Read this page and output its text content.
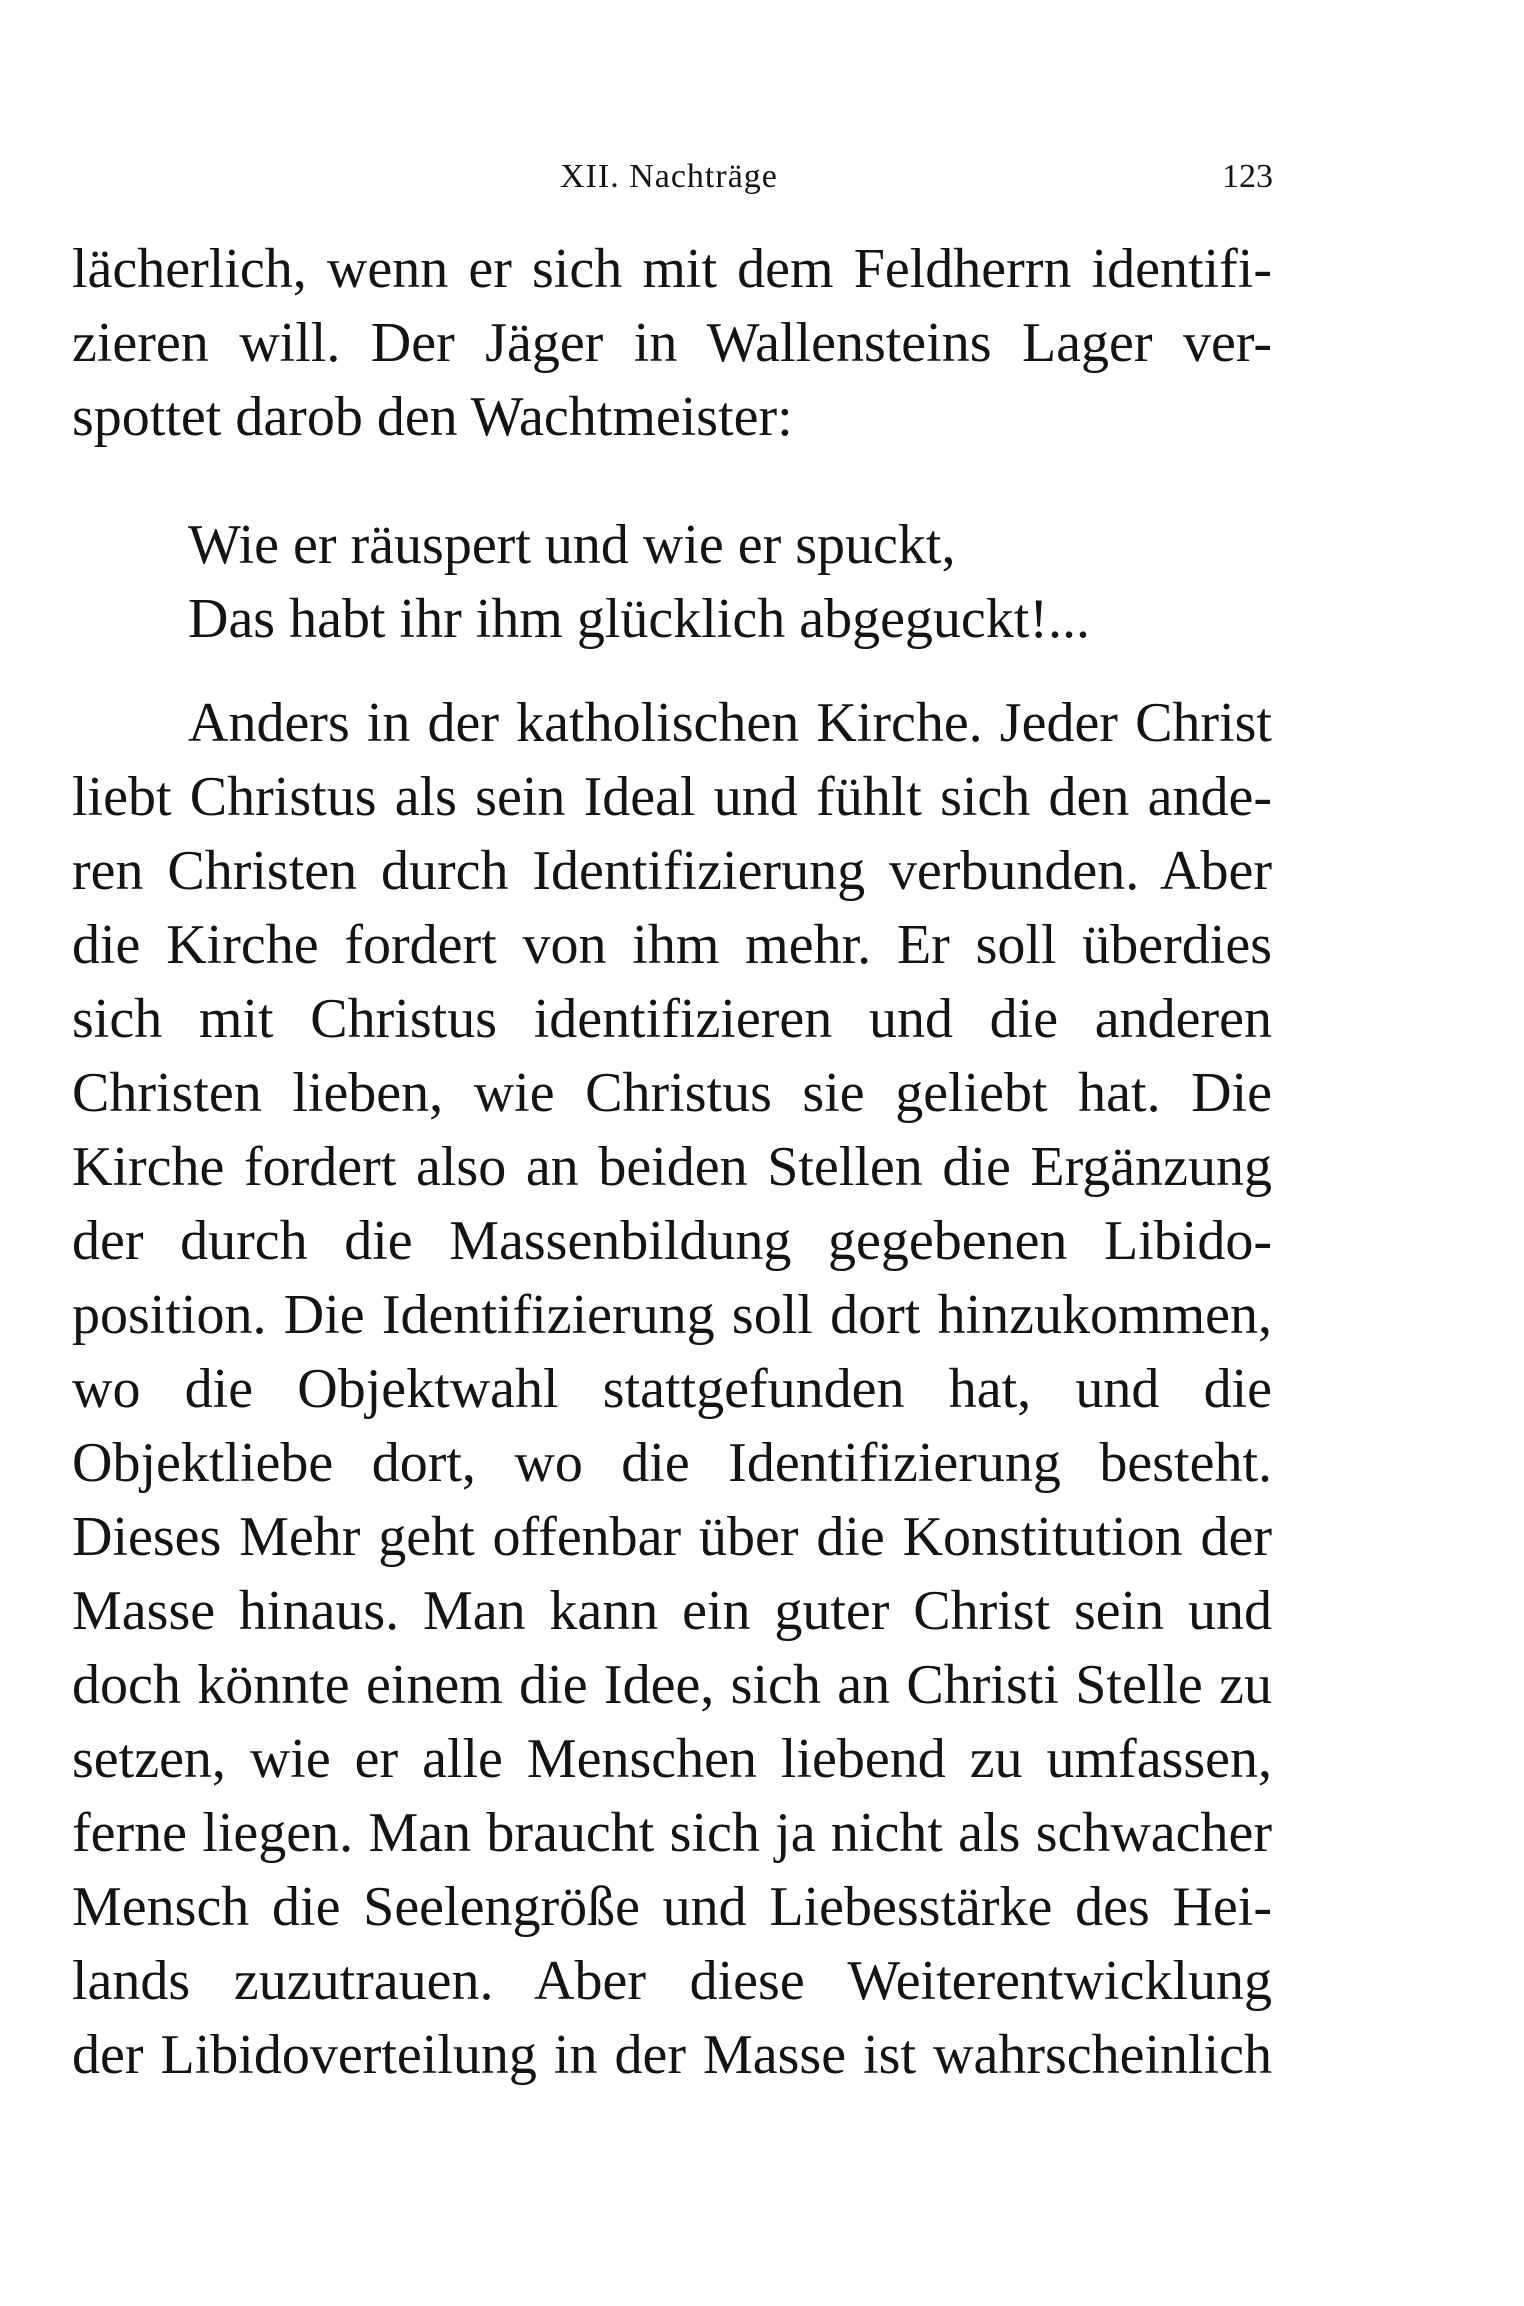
XII. Nachträge	123
lächerlich, wenn er sich mit dem Feldherrn identifi-
zieren will. Der Jäger in Wallensteins Lager ver-
spottet darob den Wachtmeister:
Wie er räuspert und wie er spuckt,
Das habt ihr ihm glücklich abgeguckt!...
Anders in der katholischen Kirche. Jeder Christ
liebt Christus als sein Ideal und fühlt sich den ande-
ren Christen durch Identifizierung verbunden. Aber
die Kirche fordert von ihm mehr. Er soll überdies
sich mit Christus identifizieren und die anderen
Christen lieben, wie Christus sie geliebt hat. Die
Kirche fordert also an beiden Stellen die Ergänzung
der durch die Massenbildung gegebenen Libido-
position. Die Identifizierung soll dort hinzukommen,
wo die Objektwahl stattgefunden hat, und die
Objektliebe dort, wo die Identifizierung besteht.
Dieses Mehr geht offenbar über die Konstitution der
Masse hinaus. Man kann ein guter Christ sein und
doch könnte einem die Idee, sich an Christi Stelle zu
setzen, wie er alle Menschen liebend zu umfassen,
ferne liegen. Man braucht sich ja nicht als schwacher
Mensch die Seelengröße und Liebesstärke des Hei-
lands zuzutrauen. Aber diese Weiterentwicklung
der Libidoverteilung in der Masse ist wahrscheinlich
